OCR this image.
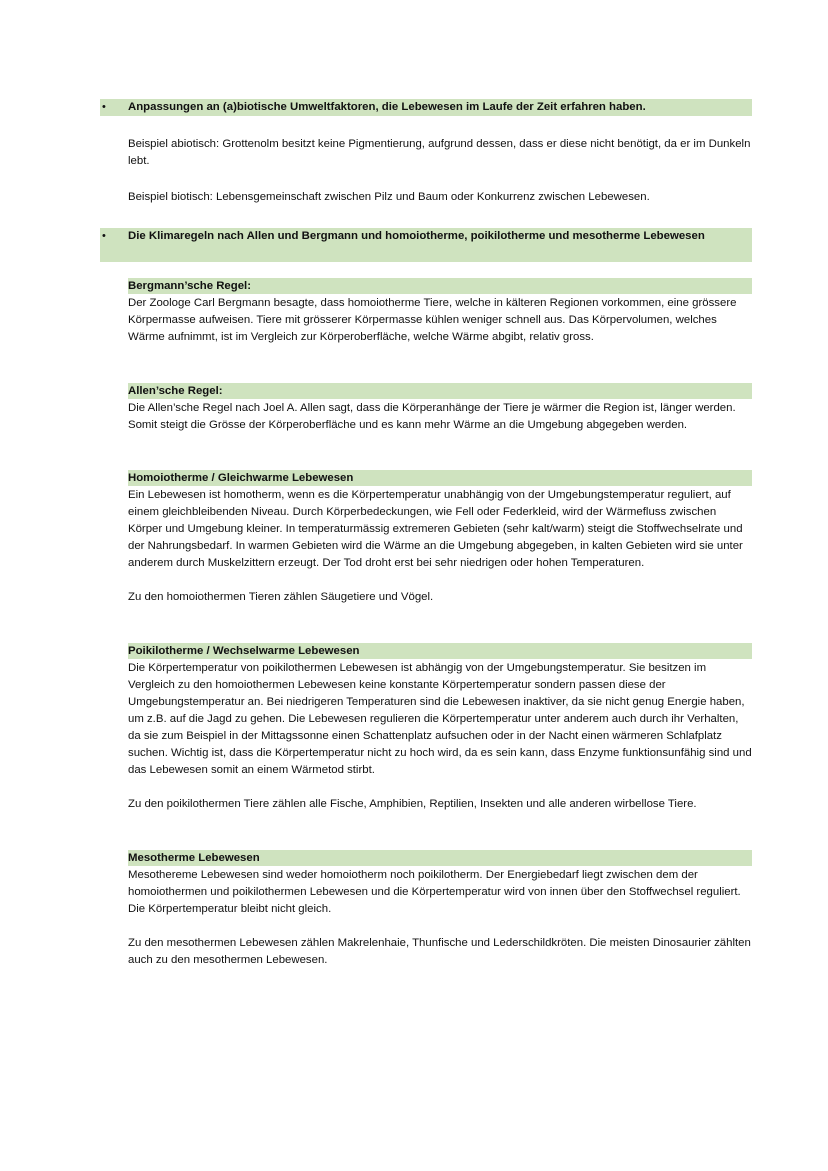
•	Anpassungen an (a)biotische Umweltfaktoren, die Lebewesen im Laufe der Zeit erfahren haben.

Beispiel abiotisch: Grottenolm besitzt keine Pigmentierung, aufgrund dessen, dass er diese nicht benötigt, da er im Dunkeln lebt.

Beispiel biotisch: Lebensgemeinschaft zwischen Pilz und Baum oder Konkurrenz zwischen Lebewesen.

•	Die Klimaregeln nach Allen und Bergmann und homoiotherme, poikilotherme und mesotherme Lebewesen
Bergmann’sche Regel:

Der Zoologe Carl Bergmann besagte, dass homoiotherme Tiere, welche in kälteren Regionen vorkommen, eine grössere Körpermasse aufweisen. Tiere mit grösserer Körpermasse kühlen weniger schnell aus. Das Körpervolumen, welches Wärme aufnimmt, ist im Vergleich zur Körperoberfläche, welche Wärme abgibt, relativ gross.

Allen’sche Regel:

Die Allen’sche Regel nach Joel A. Allen sagt, dass die Körperanhänge der Tiere je wärmer die Region ist, länger werden. Somit steigt die Grösse der Körperoberfläche und es kann mehr Wärme an die Umgebung abgegeben werden.

Homoiotherme / Gleichwarme Lebewesen

Ein Lebewesen ist homotherm, wenn es die Körpertemperatur unabhängig von der Umgebungstemperatur reguliert, auf einem gleichbleibenden Niveau. Durch Körperbedeckungen, wie Fell oder Federkleid, wird der Wärmefluss zwischen Körper und Umgebung kleiner. In temperaturmässig extremeren Gebieten (sehr kalt/warm) steigt die Stoffwechselrate und der Nahrungsbedarf. In warmen Gebieten wird die Wärme an die Umgebung abgegeben, in kalten Gebieten wird sie unter anderem durch Muskelzittern erzeugt. Der Tod droht erst bei sehr niedrigen oder hohen Temperaturen.

Zu den homoiothermen Tieren zählen Säugetiere und Vögel.

Poikilotherme / Wechselwarme Lebewesen

Die Körpertemperatur von poikilothermen Lebewesen ist abhängig von der Umgebungstemperatur. Sie besitzen im Vergleich zu den homoiothermen Lebewesen keine konstante Körpertemperatur sondern passen diese der Umgebungstemperatur an. Bei niedrigeren Temperaturen sind die Lebewesen inaktiver, da sie nicht genug Energie haben, um z.B. auf die Jagd zu gehen. Die Lebewesen regulieren die Körpertemperatur unter anderem auch durch ihr Verhalten, da sie zum Beispiel in der Mittagssonne einen Schattenplatz aufsuchen oder in der Nacht einen wärmeren Schlafplatz suchen. Wichtig ist, dass die Körpertemperatur nicht zu hoch wird, da es sein kann, dass Enzyme funktionsunfähig sind und das Lebewesen somit an einem Wärmetod stirbt.

Zu den poikilothermen Tiere zählen alle Fische, Amphibien, Reptilien, Insekten und alle anderen wirbellose Tiere.

Mesotherme Lebewesen

Mesothereme Lebewesen sind weder homoiotherm noch poikilotherm. Der Energiebedarf liegt zwischen dem der homoiothermen und poikilothermen Lebewesen und die Körpertemperatur wird von innen über den Stoffwechsel reguliert. Die Körpertemperatur bleibt nicht gleich.

Zu den mesothermen Lebewesen zählen Makrelenhaie, Thunfische und Lederschildkröten. Die meisten Dinosaurier zählten auch zu den mesothermen Lebewesen.
